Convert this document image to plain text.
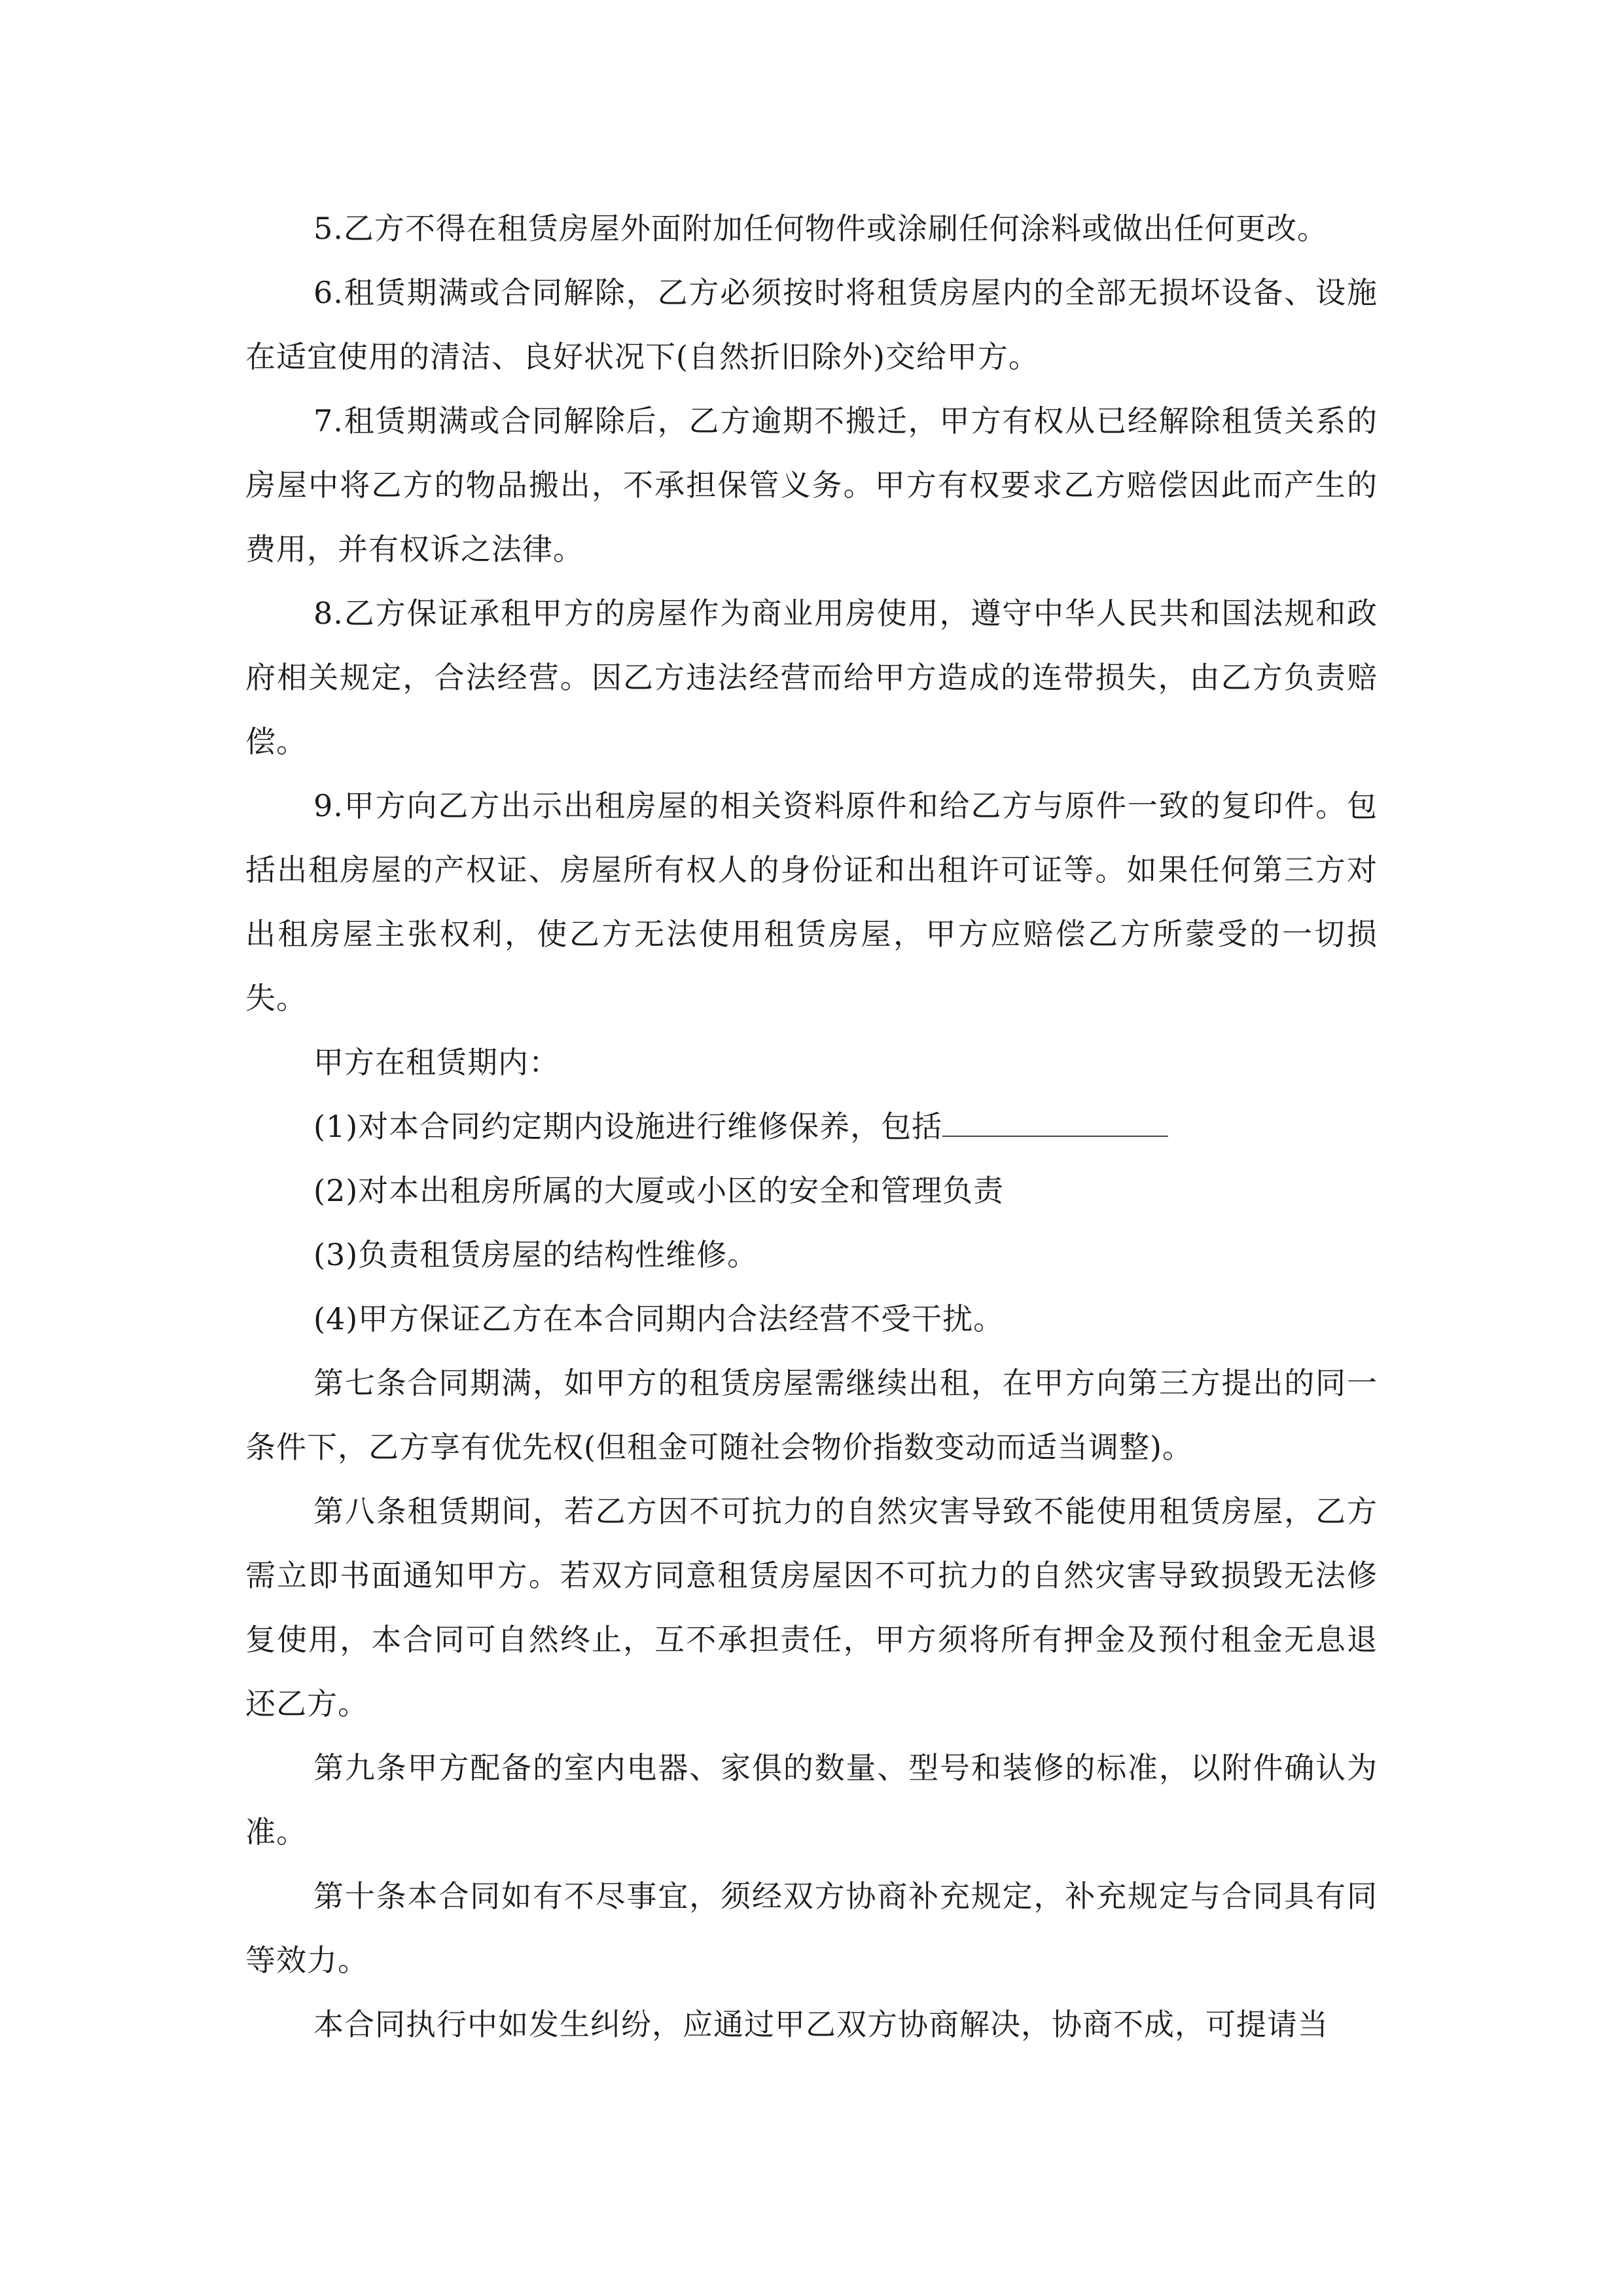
5.乙方不得在租赁房屋外面附加任何物件或涂刷任何涂料或做出任何更改。

6.租赁期满或合同解除，乙方必须按时将租赁房屋内的全部无损坏设备、设施在适宜使用的清洁、良好状况下(自然折旧除外)交给甲方。

7.租赁期满或合同解除后，乙方逾期不搬迁，甲方有权从已经解除租赁关系的房屋中将乙方的物品搬出，不承担保管义务。甲方有权要求乙方赔偿因此而产生的费用，并有权诉之法律。

8.乙方保证承租甲方的房屋作为商业用房使用，遵守中华人民共和国法规和政府相关规定，合法经营。因乙方违法经营而给甲方造成的连带损失，由乙方负责赔偿。

9.甲方向乙方出示出租房屋的相关资料原件和给乙方与原件一致的复印件。包括出租房屋的产权证、房屋所有权人的身份证和出租许可证等。如果任何第三方对出租房屋主张权利，使乙方无法使用租赁房屋，甲方应赔偿乙方所蒙受的一切损失。

甲方在租赁期内：

(1)对本合同约定期内设施进行维修保养，包括

(2)对本出租房所属的大厦或小区的安全和管理负责

(3)负责租赁房屋的结构性维修。

(4)甲方保证乙方在本合同期内合法经营不受干扰。

第七条合同期满，如甲方的租赁房屋需继续出租，在甲方向第三方提出的同一条件下，乙方享有优先权(但租金可随社会物价指数变动而适当调整)。

第八条租赁期间，若乙方因不可抗力的自然灾害导致不能使用租赁房屋，乙方需立即书面通知甲方。若双方同意租赁房屋因不可抗力的自然灾害导致损毁无法修复使用，本合同可自然终止，互不承担责任，甲方须将所有押金及预付租金无息退还乙方。

第九条甲方配备的室内电器、家俱的数量、型号和装修的标准，以附件确认为准。

第十条本合同如有不尽事宜，须经双方协商补充规定，补充规定与合同具有同等效力。

本合同执行中如发生纠纷，应通过甲乙双方协商解决，协商不成，可提请当
